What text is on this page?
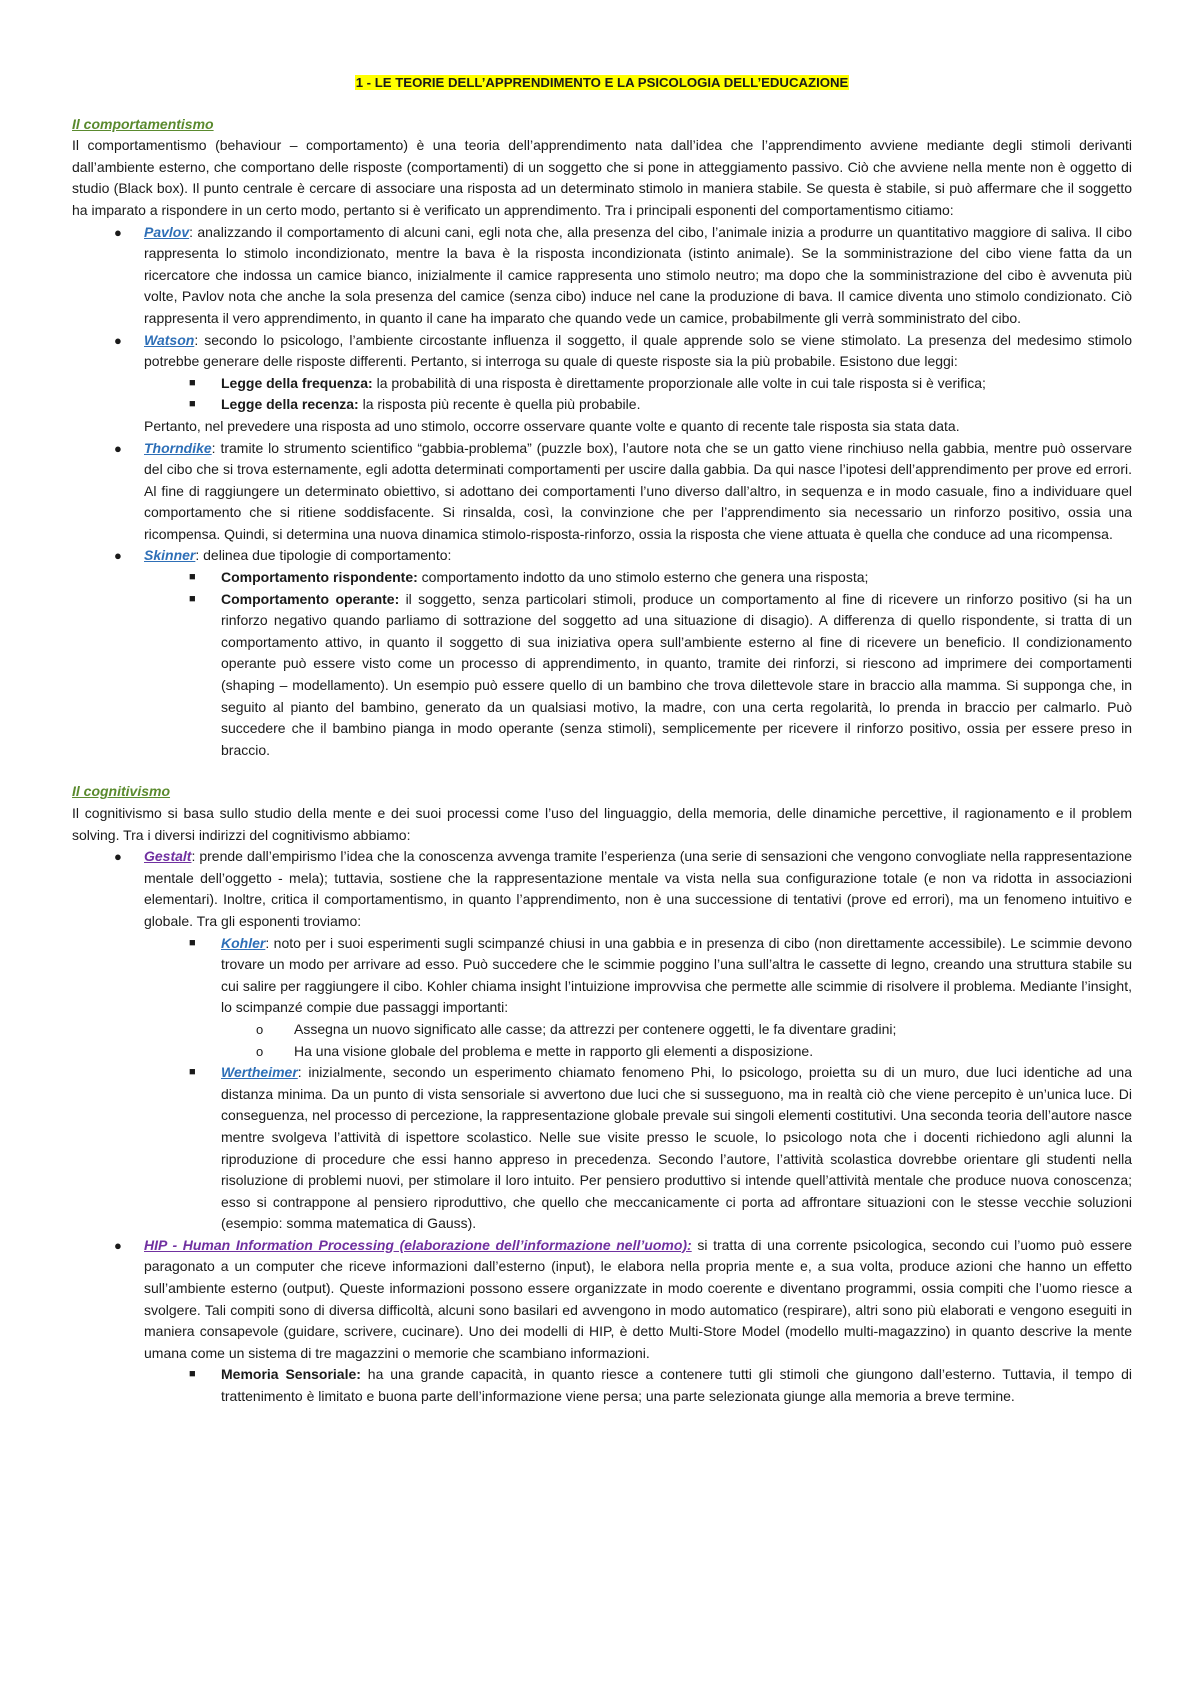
1 - LE TEORIE DELL’APPRENDIMENTO E LA PSICOLOGIA DELL’EDUCAZIONE
Il comportamentismo

Il comportamentismo (behaviour – comportamento) è una teoria dell’apprendimento nata dall’idea che l’apprendimento avviene mediante degli stimoli derivanti dall’ambiente esterno, che comportano delle risposte (comportamenti) di un soggetto che si pone in atteggiamento passivo. Ciò che avviene nella mente non è oggetto di studio (Black box). Il punto centrale è cercare di associare una risposta ad un determinato stimolo in maniera stabile. Se questa è stabile, si può affermare che il soggetto ha imparato a rispondere in un certo modo, pertanto si è verificato un apprendimento. Tra i principali esponenti del comportamentismo citiamo:

● Pavlov: analizzando il comportamento di alcuni cani, egli nota che, alla presenza del cibo, l’animale inizia a produrre un quantitativo maggiore di saliva. Il cibo rappresenta lo stimolo incondizionato, mentre la bava è la risposta incondizionata (istinto animale). Se la somministrazione del cibo viene fatta da un ricercatore che indossa un camice bianco, inizialmente il camice rappresenta uno stimolo neutro; ma dopo che la somministrazione del cibo è avvenuta più volte, Pavlov nota che anche la sola presenza del camice (senza cibo) induce nel cane la produzione di bava. Il camice diventa uno stimolo condizionato. Ciò rappresenta il vero apprendimento, in quanto il cane ha imparato che quando vede un camice, probabilmente gli verrà somministrato del cibo.
● Watson: secondo lo psicologo, l’ambiente circostante influenza il soggetto, il quale apprende solo se viene stimolato. La presenza del medesimo stimolo potrebbe generare delle risposte differenti. Pertanto, si interroga su quale di queste risposte sia la più probabile. Esistono due leggi:
■ Legge della frequenza: la probabilità di una risposta è direttamente proporzionale alle volte in cui tale risposta si è verifica;
■ Legge della recenza: la risposta più recente è quella più probabile.

Pertanto, nel prevedere una risposta ad uno stimolo, occorre osservare quante volte e quanto di recente tale risposta sia stata data.

● Thorndike: tramite lo strumento scientifico “gabbia-problema” (puzzle box), l’autore nota che se un gatto viene rinchiuso nella gabbia, mentre può osservare del cibo che si trova esternamente, egli adotta determinati comportamenti per uscire dalla gabbia. Da qui nasce l’ipotesi dell’apprendimento per prove ed errori. Al fine di raggiungere un determinato obiettivo, si adottano dei comportamenti l’uno diverso dall’altro, in sequenza e in modo casuale, fino a individuare quel comportamento che si ritiene soddisfacente. Si rinsalda, così, la convinzione che per l’apprendimento sia necessario un rinforzo positivo, ossia una ricompensa. Quindi, si determina una nuova dinamica stimolo-risposta-rinforzo, ossia la risposta che viene attuata è quella che conduce ad una ricompensa.
● Skinner: delinea due tipologie di comportamento:
■ Comportamento rispondente: comportamento indotto da uno stimolo esterno che genera una risposta;
■ Comportamento operante: il soggetto, senza particolari stimoli, produce un comportamento al fine di ricevere un rinforzo positivo (si ha un rinforzo negativo quando parliamo di sottrazione del soggetto ad una situazione di disagio). A differenza di quello rispondente, si tratta di un comportamento attivo, in quanto il soggetto di sua iniziativa opera sull’ambiente esterno al fine di ricevere un beneficio. Il condizionamento operante può essere visto come un processo di apprendimento, in quanto, tramite dei rinforzi, si riescono ad imprimere dei comportamenti (shaping – modellamento). Un esempio può essere quello di un bambino che trova dilettevole stare in braccio alla mamma. Si supponga che, in seguito al pianto del bambino, generato da un qualsiasi motivo, la madre, con una certa regolarità, lo prenda in braccio per calmarlo. Può succedere che il bambino pianga in modo operante (senza stimoli), semplicemente per ricevere il rinforzo positivo, ossia per essere preso in braccio.
Il cognitivismo

Il cognitivismo si basa sullo studio della mente e dei suoi processi come l’uso del linguaggio, della memoria, delle dinamiche percettive, il ragionamento e il problem solving. Tra i diversi indirizzi del cognitivismo abbiamo:

● Gestalt: prende dall’empirismo l’idea che la conoscenza avvenga tramite l’esperienza (una serie di sensazioni che vengono convogliate nella rappresentazione mentale dell’oggetto - mela); tuttavia, sostiene che la rappresentazione mentale va vista nella sua configurazione totale (e non va ridotta in associazioni elementari). Inoltre, critica il comportamentismo, in quanto l’apprendimento, non è una successione di tentativi (prove ed errori), ma un fenomeno intuitivo e globale. Tra gli esponenti troviamo:
■ Kohler: noto per i suoi esperimenti sugli scimpanzé chiusi in una gabbia e in presenza di cibo (non direttamente accessibile). Le scimmie devono trovare un modo per arrivare ad esso. Può succedere che le scimmie poggino l’una sull’altra le cassette di legno, creando una struttura stabile su cui salire per raggiungere il cibo. Kohler chiama insight l’intuizione improvvisa che permette alle scimmie di risolvere il problema. Mediante l’insight, lo scimpanzé compie due passaggi importanti:
o Assegna un nuovo significato alle casse; da attrezzi per contenere oggetti, le fa diventare gradini;
o Ha una visione globale del problema e mette in rapporto gli elementi a disposizione.
■ Wertheimer: inizialmente, secondo un esperimento chiamato fenomeno Phi, lo psicologo, proietta su di un muro, due luci identiche ad una distanza minima. Da un punto di vista sensoriale si avvertono due luci che si susseguono, ma in realtà ciò che viene percepito è un’unica luce. Di conseguenza, nel processo di percezione, la rappresentazione globale prevale sui singoli elementi costitutivi. Una seconda teoria dell’autore nasce mentre svolgeva l’attività di ispettore scolastico. Nelle sue visite presso le scuole, lo psicologo nota che i docenti richiedono agli alunni la riproduzione di procedure che essi hanno appreso in precedenza. Secondo l’autore, l’attività scolastica dovrebbe orientare gli studenti nella risoluzione di problemi nuovi, per stimolare il loro intuito. Per pensiero produttivo si intende quell’attività mentale che produce nuova conoscenza; esso si contrappone al pensiero riproduttivo, che quello che meccanicamente ci porta ad affrontare situazioni con le stesse vecchie soluzioni (esempio: somma matematica di Gauss).
● HIP - Human Information Processing (elaborazione dell’informazione nell’uomo): si tratta di una corrente psicologica, secondo cui l’uomo può essere paragonato a un computer che riceve informazioni dall’esterno (input), le elabora nella propria mente e, a sua volta, produce azioni che hanno un effetto sull’ambiente esterno (output). Queste informazioni possono essere organizzate in modo coerente e diventano programmi, ossia compiti che l’uomo riesce a svolgere. Tali compiti sono di diversa difficoltà, alcuni sono basilari ed avvengono in modo automatico (respirare), altri sono più elaborati e vengono eseguiti in maniera consapevole (guidare, scrivere, cucinare). Uno dei modelli di HIP, è detto Multi-Store Model (modello multi-magazzino) in quanto descrive la mente umana come un sistema di tre magazzini o memorie che scambiano informazioni.
■ Memoria Sensoriale: ha una grande capacità, in quanto riesce a contenere tutti gli stimoli che giungono dall’esterno. Tuttavia, il tempo di trattenimento è limitato e buona parte dell’informazione viene persa; una parte selezionata giunge alla memoria a breve termine.
